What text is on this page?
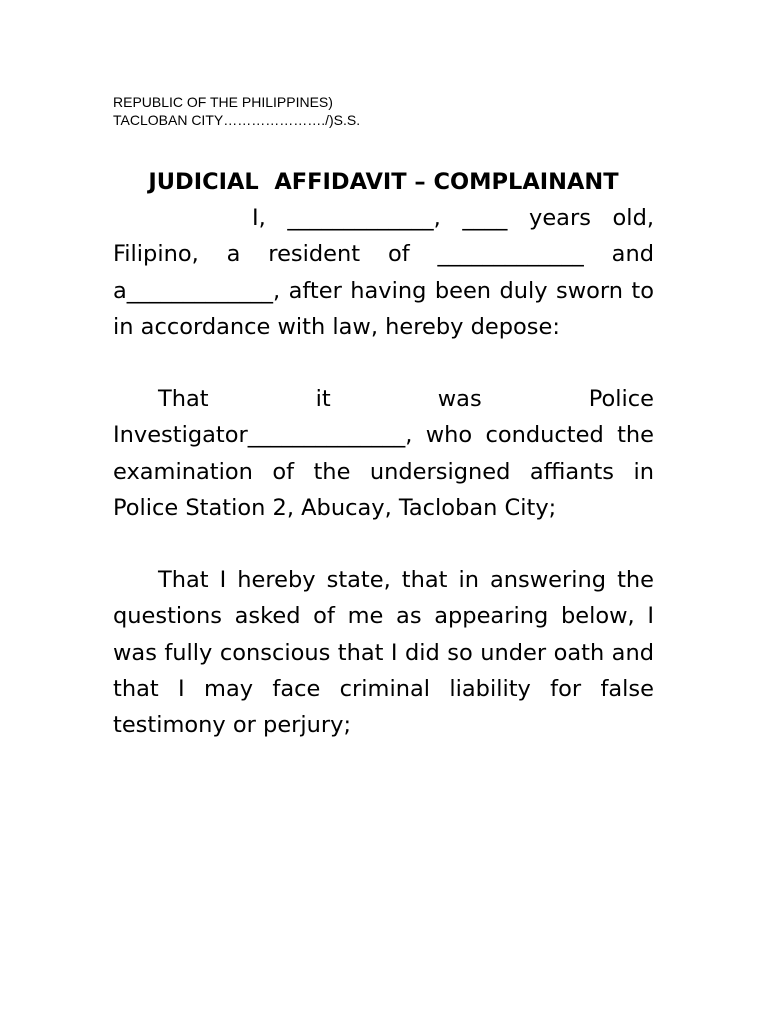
REPUBLIC OF THE PHILIPPINES)
TACLOBAN CITY…………………./)S.S.
JUDICIAL  AFFIDAVIT – COMPLAINANT

I, _____________, ____ years old, Filipino, a resident of _____________ and a_____________, after having been duly sworn to in accordance with law, hereby depose:

That it was Police Investigator______________, who conducted the examination of the undersigned affiants in Police Station 2, Abucay, Tacloban City;

That I hereby state, that in answering the questions asked of me as appearing below, I was fully conscious that I did so under oath and that I may face criminal liability for false testimony or perjury;
